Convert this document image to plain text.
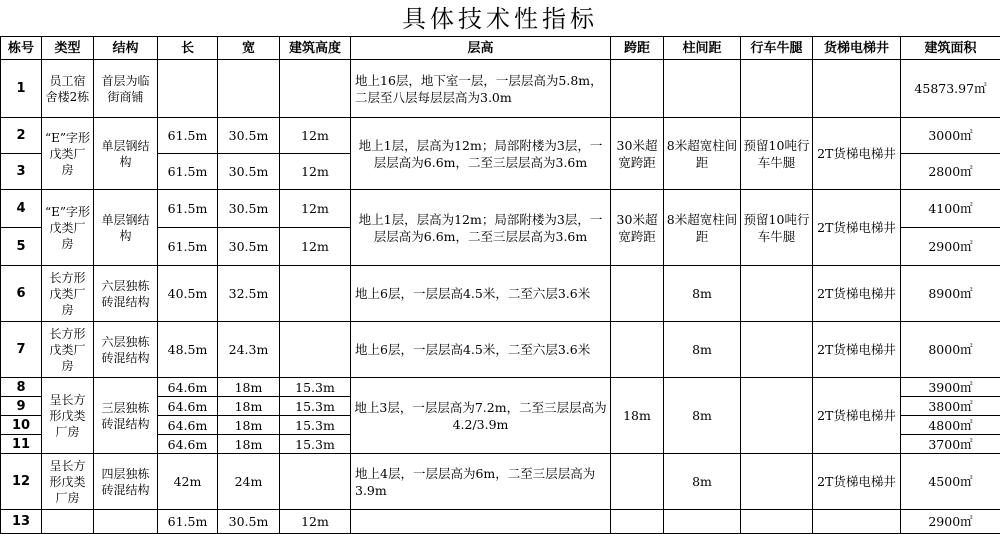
具体技术性指标
栋号	类型	结构	长	宽	建筑高度	层高	跨距	柱间距	行车牛腿	货梯电梯井	建筑面积
1	员工宿舍楼2栋	首层为临街商铺				地上16层，地下室一层，一层层高为5.8m，二层至八层每层层高为3.0m					45873.97㎡
2	“E”字形戊类厂房	单层钢结构	61.5m	30.5m	12m	地上1层，层高为12m；局部附楼为3层，一层层高为6.6m，二至三层层高为3.6m	30米超宽跨距	8米超宽柱间距	预留10吨行车牛腿	2T货梯电梯井	3000㎡
3			61.5m	30.5m	12m						2800㎡
4	“E”字形戊类厂房	单层钢结构	61.5m	30.5m	12m	地上1层，层高为12m；局部附楼为3层，一层层高为6.6m，二至三层层高为3.6m	30米超宽跨距	8米超宽柱间距	预留10吨行车牛腿	2T货梯电梯井	4100㎡
5			61.5m	30.5m	12m						2900㎡
6	长方形戊类厂房	六层独栋砖混结构	40.5m	32.5m		地上6层，一层层高4.5米，二至六层3.6米		8m		2T货梯电梯井	8900㎡
7	长方形戊类厂房	六层独栋砖混结构	48.5m	24.3m		地上6层，一层层高4.5米，二至六层3.6米		8m		2T货梯电梯井	8000㎡
8	呈长方形戊类厂房	三层独栋砖混结构	64.6m	18m	15.3m	地上3层，一层层高为7.2m，二至三层层高为4.2/3.9m	18m	8m		2T货梯电梯井	3900㎡
9			64.6m	18m	15.3m						3800㎡
10			64.6m	18m	15.3m						4800㎡
11			64.6m	18m	15.3m						3700㎡
12	呈长方形戊类厂房	四层独栋砖混结构	42m	24m		地上4层，一层层高为6m，二至三层层高为3.9m		8m		2T货梯电梯井	4500㎡
13			61.5m	30.5m	12m						2900㎡
